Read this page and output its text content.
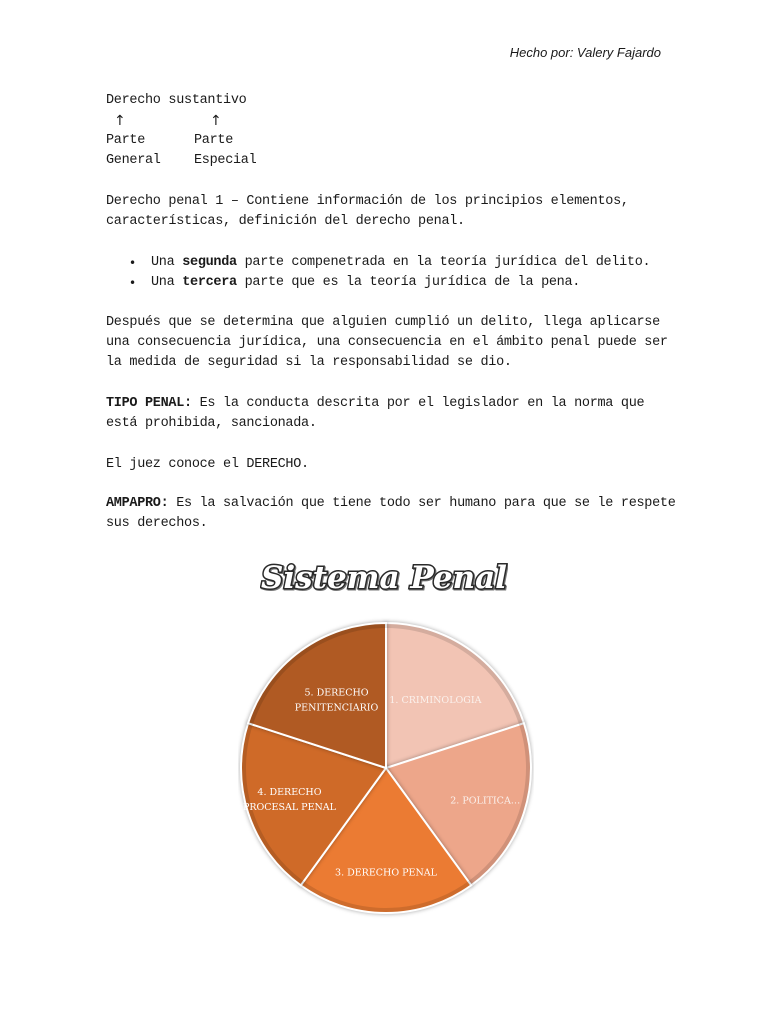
Hecho por: Valery Fajardo
Derecho sustantivo
↑	↑
Parte
General
Parte
Especial
Derecho penal 1 – Contiene información de los principios elementos,
características, definición del derecho penal.
• Una segunda parte compenetrada en la teoría jurídica del delito.
• Una tercera parte que es la teoría jurídica de la pena.
Después que se determina que alguien cumplió un delito, llega aplicarse
una consecuencia jurídica, una consecuencia en el ámbito penal puede ser
la medida de seguridad si la responsabilidad se dio.
TIPO PENAL: Es la conducta descrita por el legislador en la norma que
está prohibida, sancionada.
El juez conoce el DERECHO.
AMPAPRO: Es la salvación que tiene todo ser humano para que se le respete
sus derechos.
Sistema Penal
1. CRIMINOLOGIA
2. POLITICA…
3. DERECHO PENAL
4. DERECHO PROCESAL PENAL
5. DERECHO PENITENCIARIO
